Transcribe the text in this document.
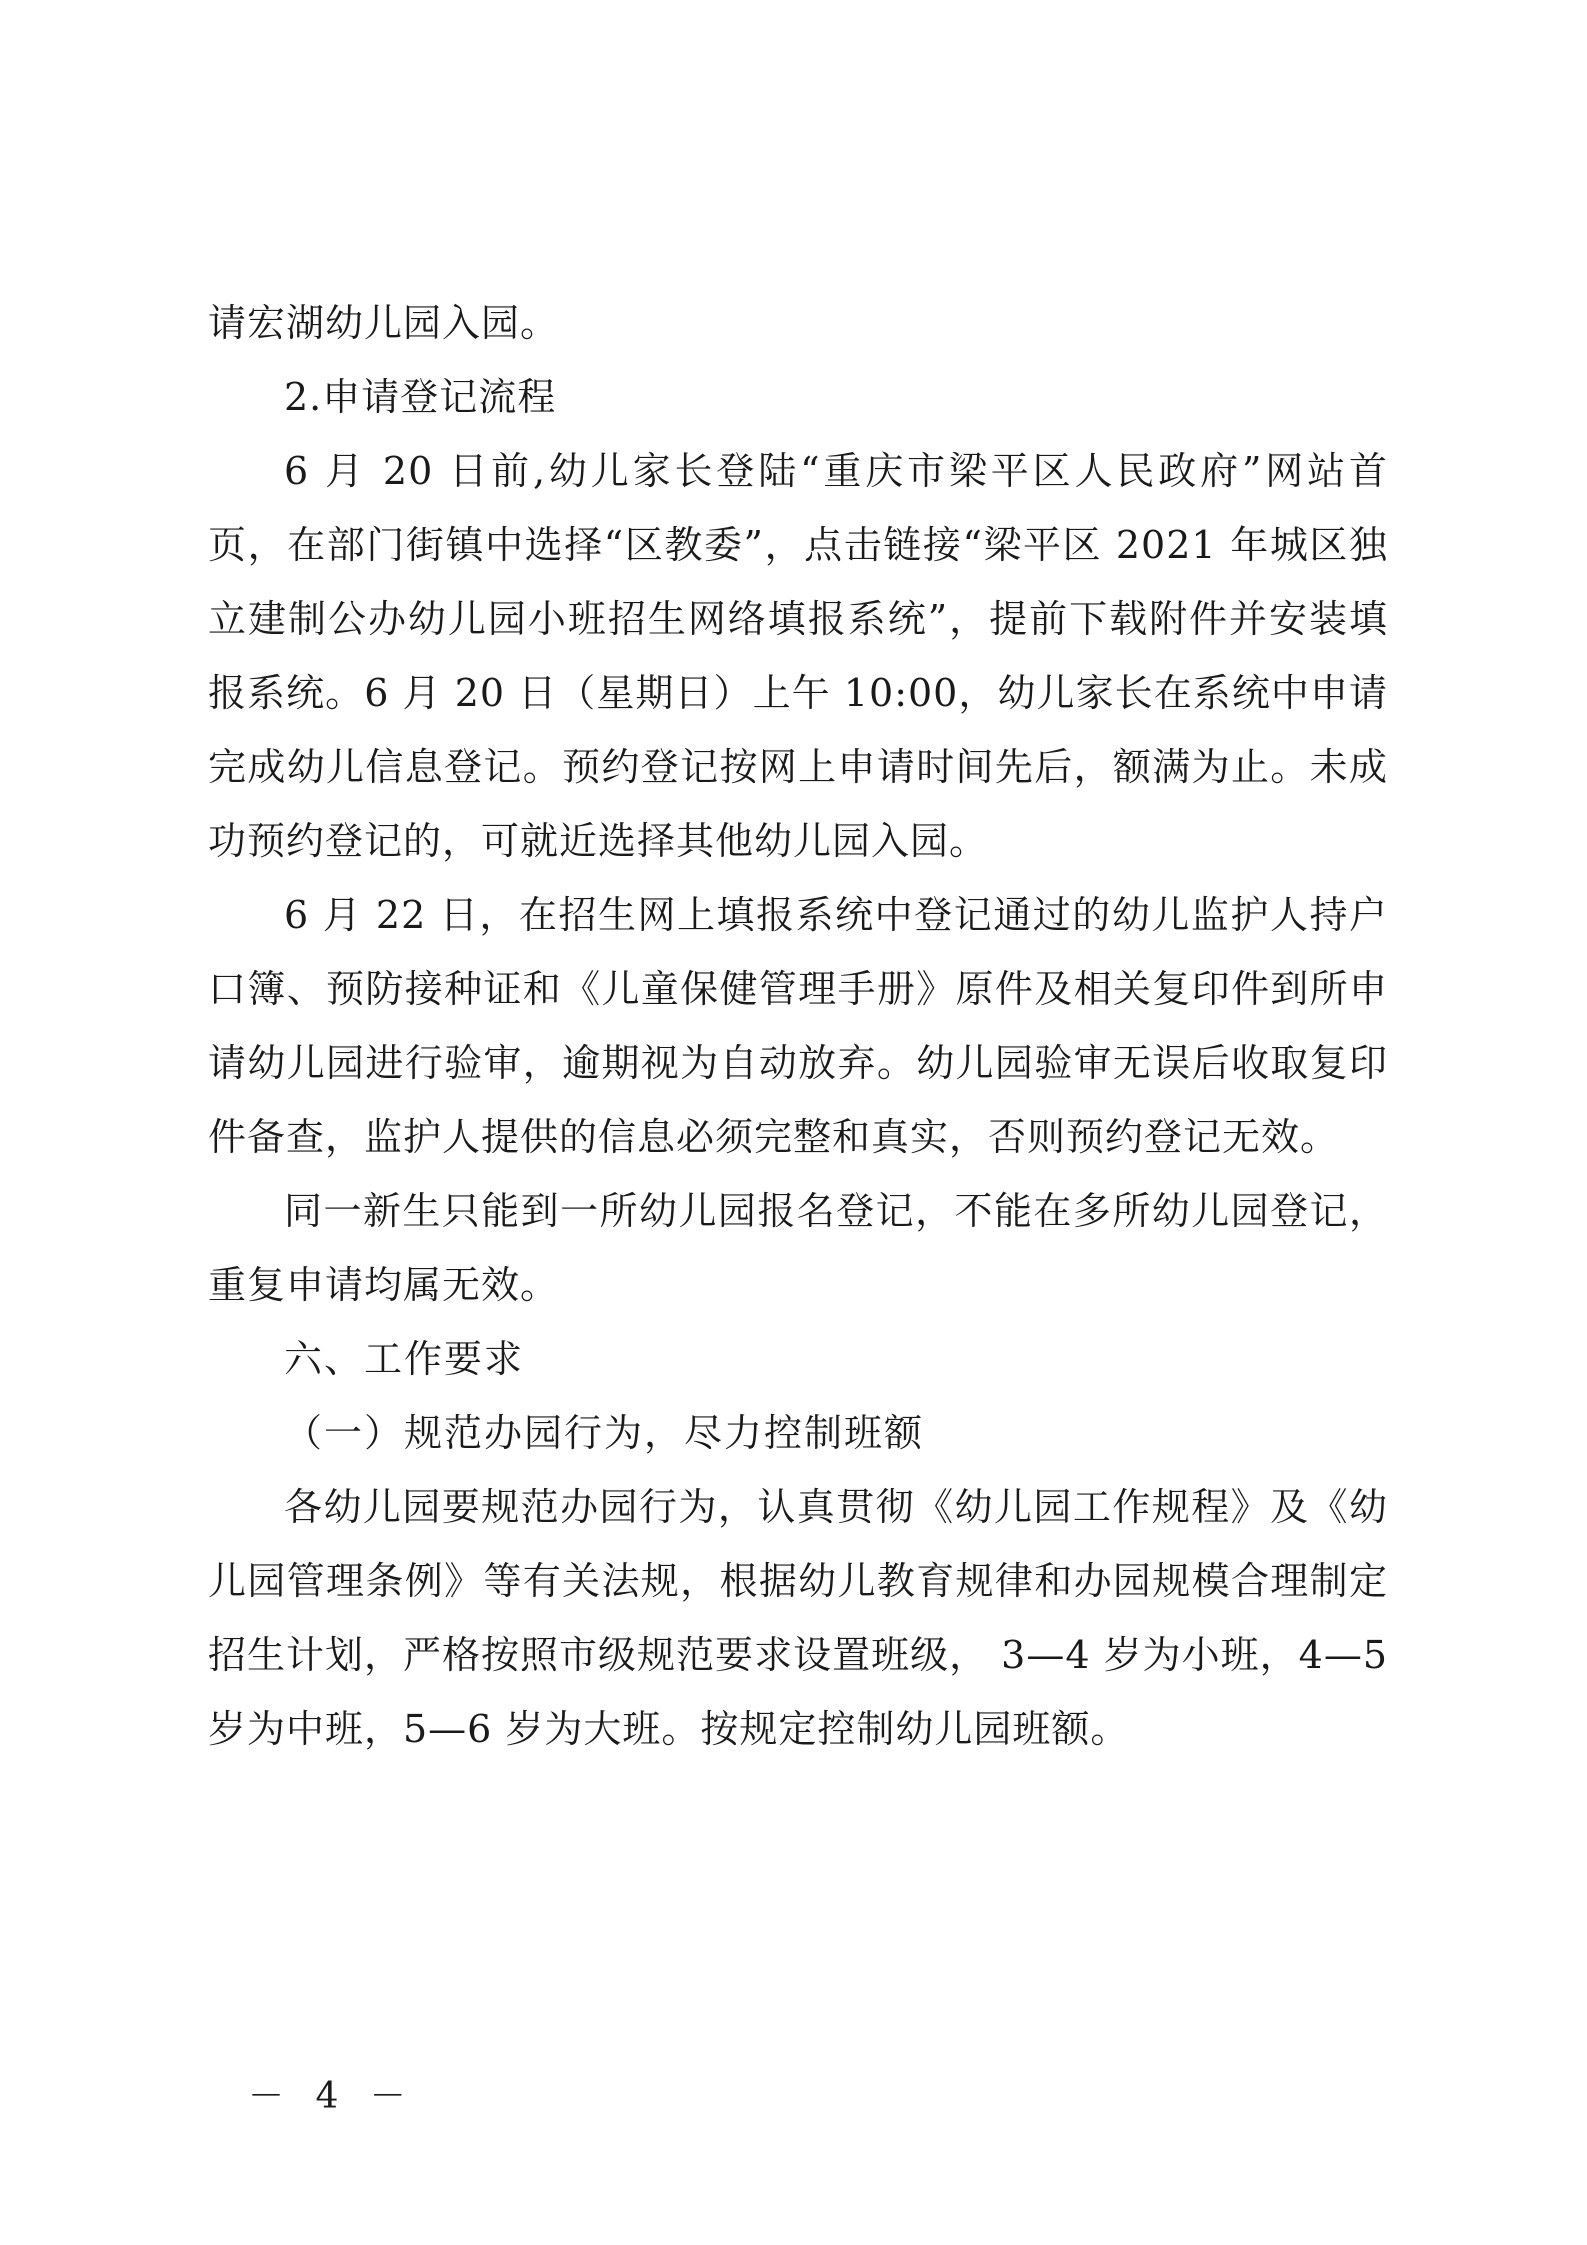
请宏湖幼儿园入园。

2.申请登记流程

6 月 20 日前,幼儿家长登陆“重庆市梁平区人民政府”网站首页，在部门街镇中选择“区教委”，点击链接“梁平区 2021 年城区独立建制公办幼儿园小班招生网络填报系统”，提前下载附件并安装填报系统。6 月 20 日（星期日）上午 10:00，幼儿家长在系统中申请完成幼儿信息登记。预约登记按网上申请时间先后，额满为止。未成功预约登记的，可就近选择其他幼儿园入园。

6 月 22 日，在招生网上填报系统中登记通过的幼儿监护人持户口簿、预防接种证和《儿童保健管理手册》原件及相关复印件到所申请幼儿园进行验审，逾期视为自动放弃。幼儿园验审无误后收取复印件备查，监护人提供的信息必须完整和真实，否则预约登记无效。

同一新生只能到一所幼儿园报名登记，不能在多所幼儿园登记，重复申请均属无效。

六、工作要求

（一）规范办园行为，尽力控制班额

各幼儿园要规范办园行为，认真贯彻《幼儿园工作规程》及《幼儿园管理条例》等有关法规，根据幼儿教育规律和办园规模合理制定招生计划，严格按照市级规范要求设置班级， 3—4 岁为小班，4—5 岁为中班，5—6 岁为大班。按规定控制幼儿园班额。

－ 4 －
